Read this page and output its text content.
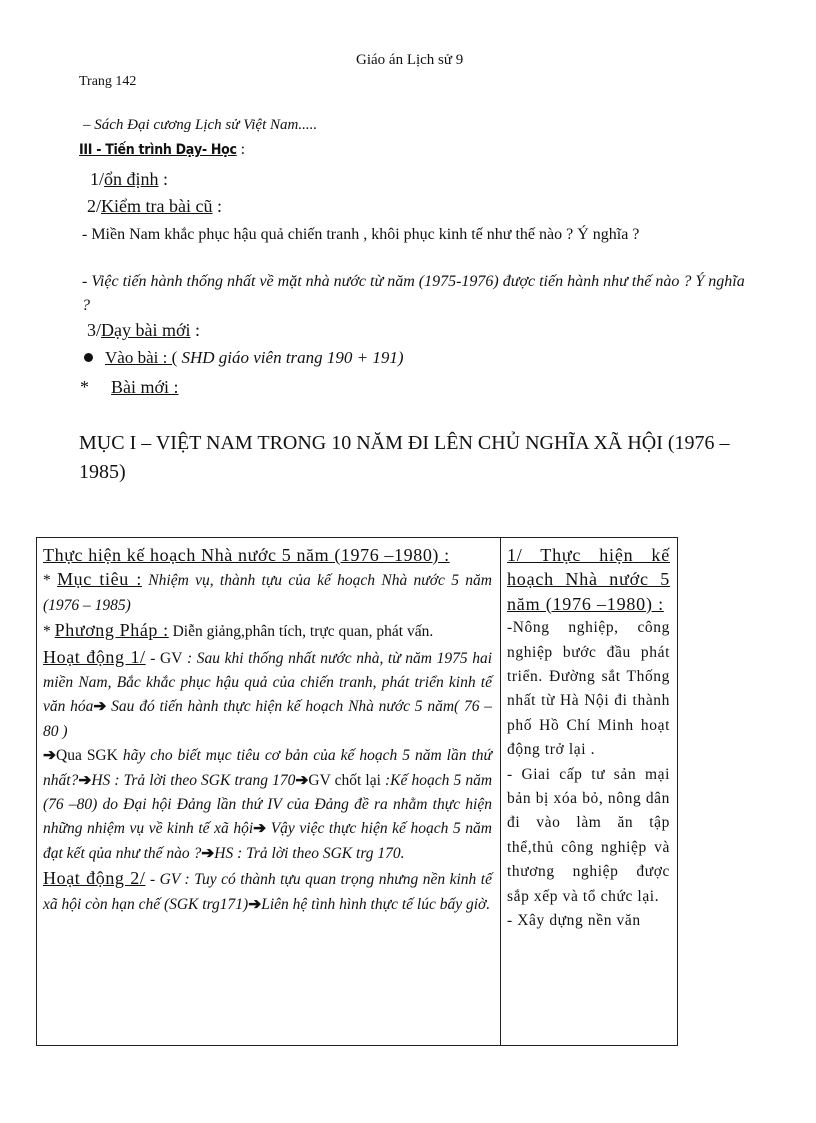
Giáo án Lịch sử 9
Trang 142
– Sách Đại cương Lịch sử Việt Nam.....
III - Tiến trình Dạy- Học :
1/ổn định :
2/Kiểm tra bài cũ :
- Miền Nam khắc phục hậu quả chiến tranh , khôi phục kinh tế như thế nào ? Ý nghĩa ?
- Việc tiến hành thống nhất về mặt nhà nước từ năm (1975-1976) được tiến hành như thế nào ? Ý nghĩa ?
3/Dạy bài mới :
Vào bài : ( SHD giáo viên trang 190 + 191)
* Bài mới :
MỤC I – VIỆT NAM TRONG 10 NĂM ĐI LÊN CHỦ NGHĨA XÃ HỘI (1976 –1985)

Thực hiện kế hoạch Nhà nước 5 năm (1976 –1980) :

* Mục tiêu : Nhiệm vụ, thành tựu của kế hoạch Nhà nước 5 năm (1976 – 1985)

* Phương Pháp : Diễn giảng,phân tích, trực quan, phát vấn.

Hoạt động 1/ - GV : Sau khi thống nhất nước nhà, từ năm 1975 hai miền Nam, Bắc khắc phục hậu quả của chiến tranh, phát triển kinh tế văn hóa➔ Sau đó tiến hành thực hiện kế hoạch Nhà nước 5 năm( 76 –80 )
➔Qua SGK hãy cho biết mục tiêu cơ bản của kế hoạch 5 năm lần thứ nhất?➔HS : Trả lời theo SGK trang 170➔GV chốt lại :Kế hoạch 5 năm (76 –80) do Đại hội Đảng lần thứ IV của Đảng đề ra nhằm thực hiện những nhiệm vụ về kinh tế xã hội➔ Vậy việc thực hiện kế hoạch 5 năm đạt kết qủa như thế nào ?➔HS : Trả lời theo SGK trg 170.

Hoạt động 2/ - GV : Tuy có thành tựu quan trọng nhưng nền kinh tế xã hội còn hạn chế (SGK trg171)➔Liên hệ tình hình thực tế lúc bấy giờ.

1/ Thực hiện kế hoạch Nhà nước 5 năm (1976 –1980) :

-Nông nghiệp, công nghiệp bước đầu phát triển. Đường sắt Thống nhất từ Hà Nội đi thành phố Hồ Chí Minh hoạt động trở lại .

- Giai cấp tư sản mại bản bị xóa bỏ, nông dân đi vào làm ăn tập thể,thủ công nghiệp và thương nghiệp được sắp xếp và tổ chức lại.

- Xây dựng nền văn
